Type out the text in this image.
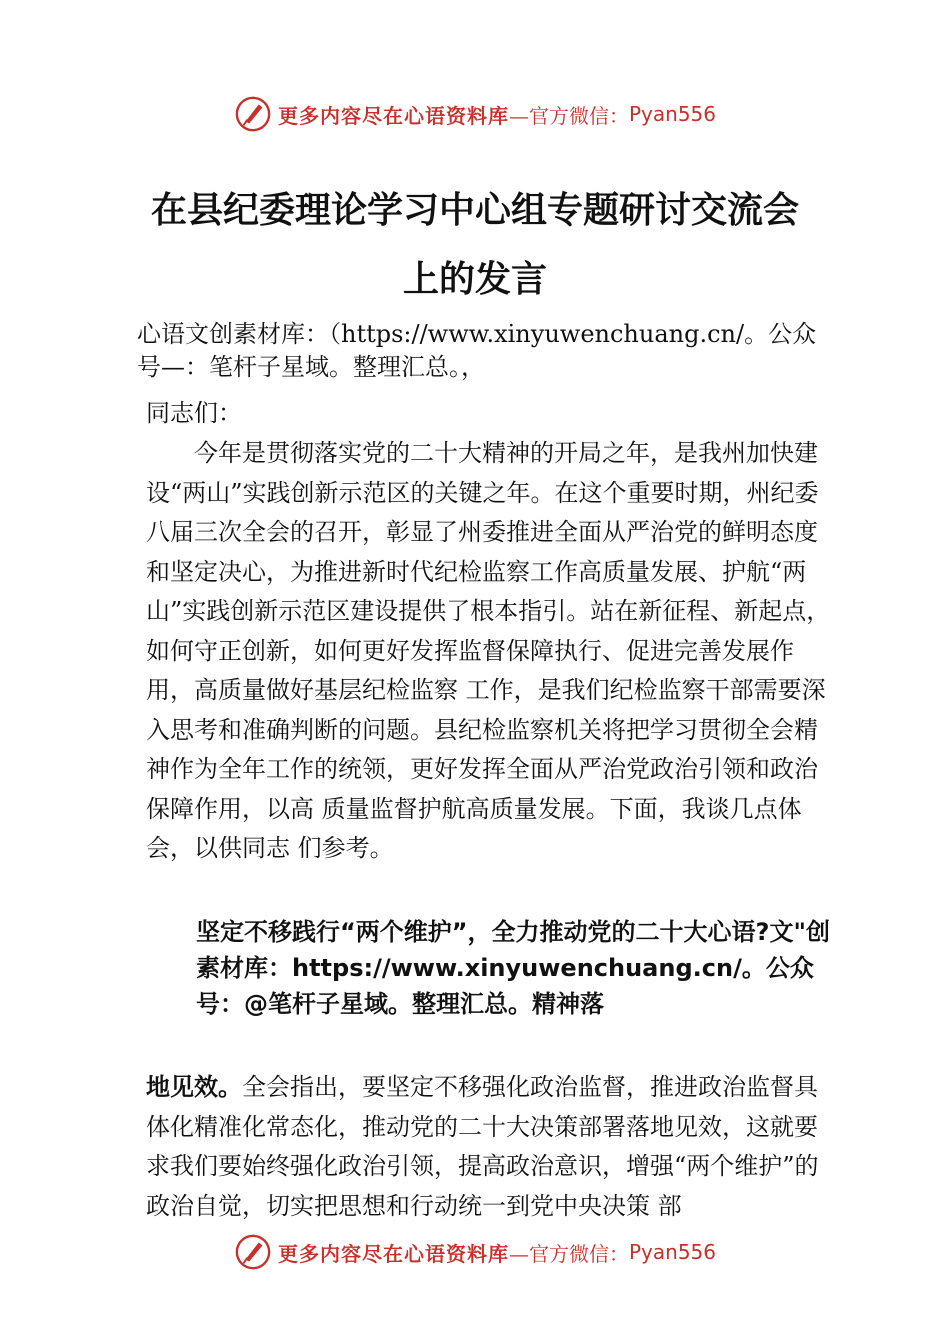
更多内容尽在心语资料库 —官方微信： Pyan556
在县纪委理论学习中心组专题研讨交流会
上的发言

心语文创素材库：（https://www.xinyuwenchuang.cn/。公众号—：笔杆子星域。整理汇总。，

同志们：

今年是贯彻落实党的二十大精神的开局之年，是我州加快建设“两山”实践创新示范区的关键之年。在这个重要时期，州纪委八届三次全会的召开，彰显了州委推进全面从严治党的鲜明态度和坚定决心，为推进新时代纪检监察工作高质量发展、护航“两山”实践创新示范区建设提供了根本指引。站在新征程、新起点，如何守正创新，如何更好发挥监督保障执行、促进完善发展作用，高质量做好基层纪检监察 工作，是我们纪检监察干部需要深入思考和准确判断的问题。县纪检监察机关将把学习贯彻全会精神作为全年工作的统领，更好发挥全面从严治党政治引领和政治保障作用，以高 质量监督护航高质量发展。下面，我谈几点体会，以供同志 们参考。

坚定不移践行“两个维护”，全力推动党的二十大心语?文"创素材库：https://www.xinyuwenchuang.cn/。公众号：@笔杆子星域。整理汇总。精神落

地见效。全会指出，要坚定不移强化政治监督，推进政治监督具体化精准化常态化，推动党的二十大决策部署落地见效，这就要求我们要始终强化政治引领，提高政治意识，增强“两个维护”的政治自觉，切实把思想和行动统一到党中央决策 部

更多内容尽在心语资料库 —官方微信： Pyan556
